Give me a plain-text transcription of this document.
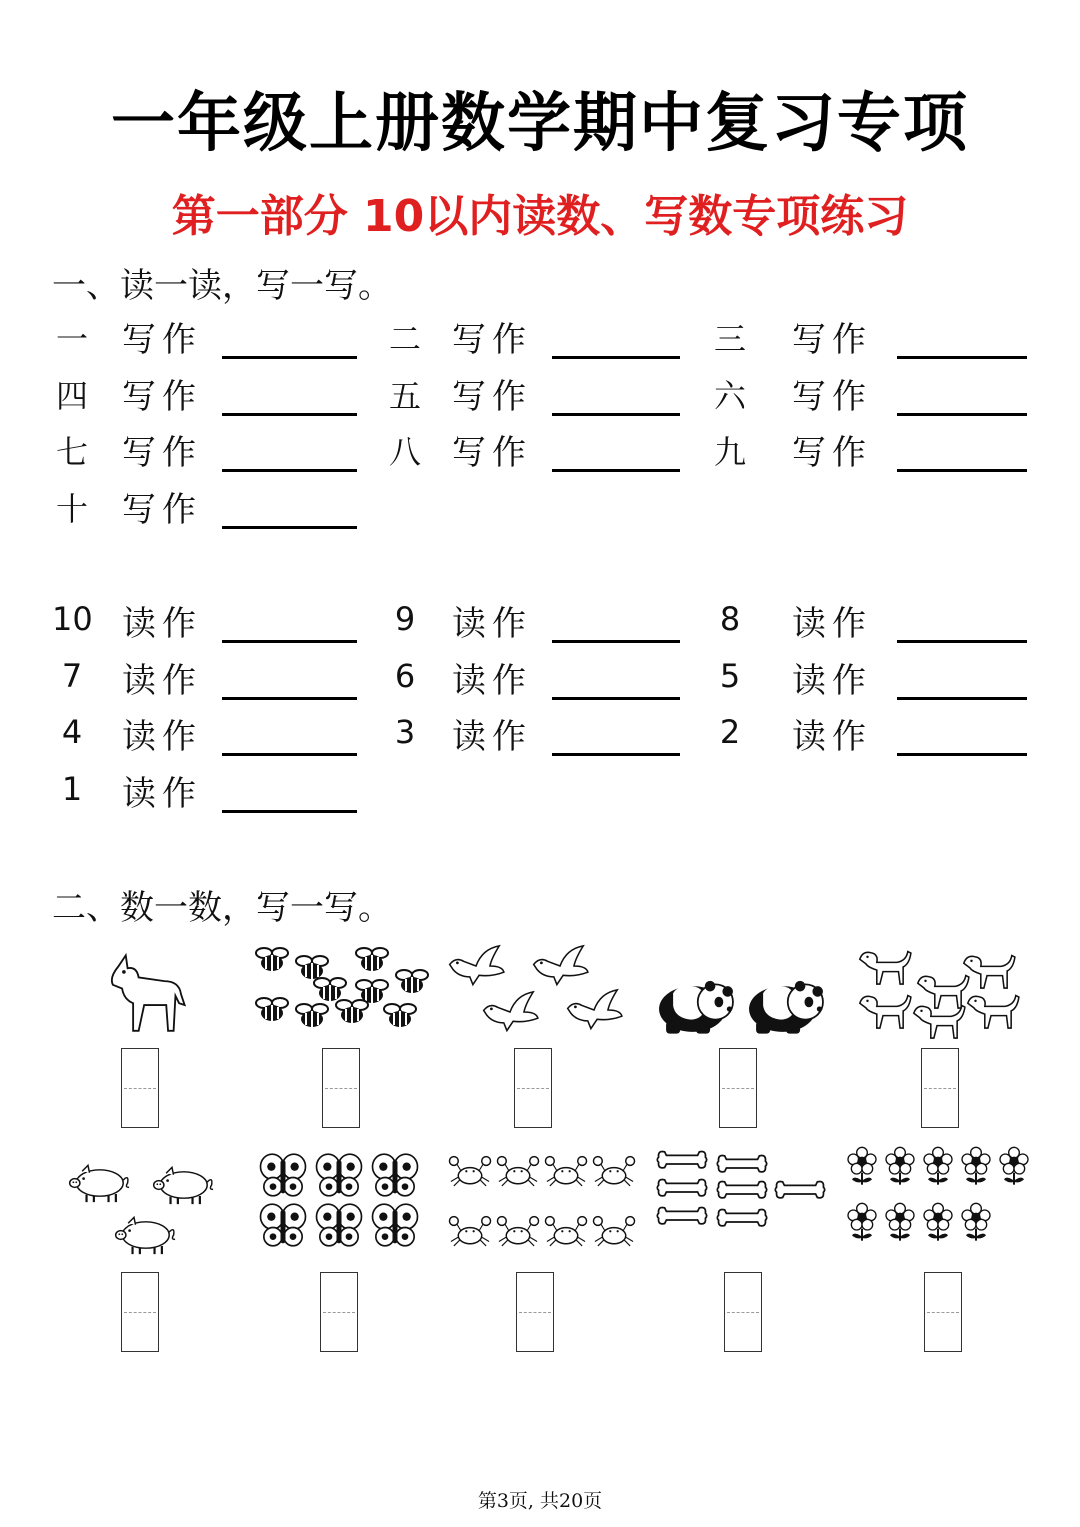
一年级上册数学期中复习专项
第一部分 10以内读数、写数专项练习
一、读一读，写一写。
一 写作	二 写作	三 写作
四 写作	五 写作	六 写作
七 写作	八 写作	九 写作
十 写作
10 读作	9 读作	8 读作
7 读作	6 读作	5 读作
4 读作	3 读作	2 读作
1 读作
二、数一数，写一写。
第3页, 共20页
